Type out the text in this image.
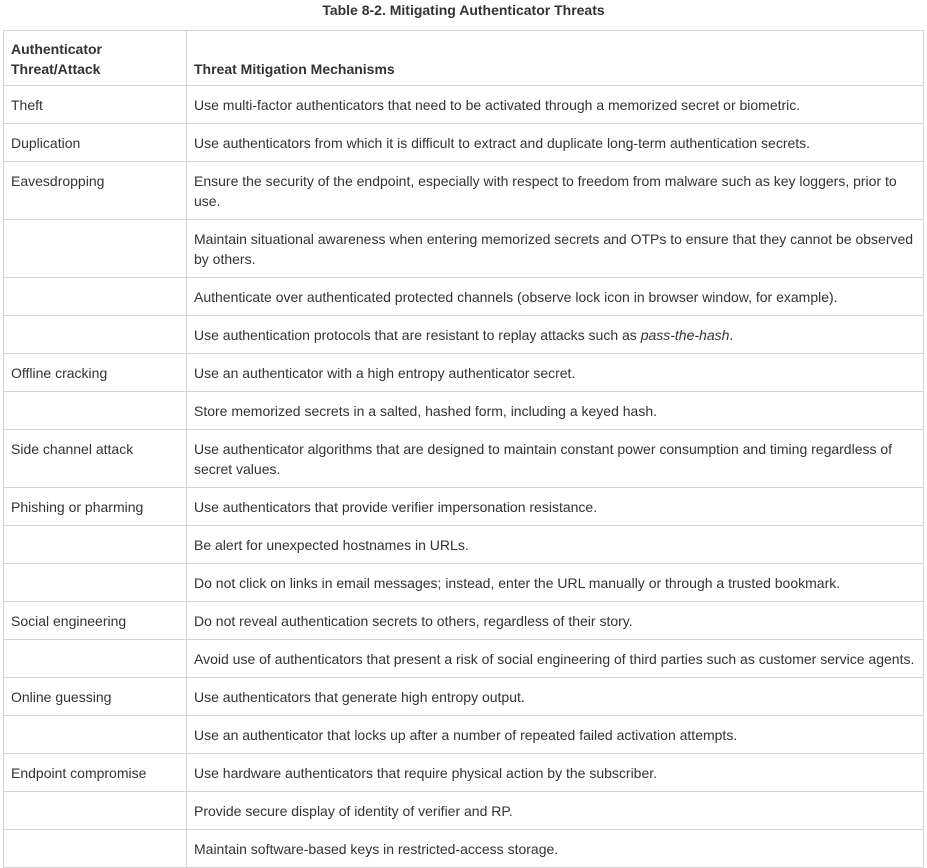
Table 8-2. Mitigating Authenticator Threats
Authenticator Threat/Attack	Threat Mitigation Mechanisms
Theft	Use multi-factor authenticators that need to be activated through a memorized secret or biometric.
Duplication	Use authenticators from which it is difficult to extract and duplicate long-term authentication secrets.
Eavesdropping	Ensure the security of the endpoint, especially with respect to freedom from malware such as key loggers, prior to use.
	Maintain situational awareness when entering memorized secrets and OTPs to ensure that they cannot be observed by others.
	Authenticate over authenticated protected channels (observe lock icon in browser window, for example).
	Use authentication protocols that are resistant to replay attacks such as pass-the-hash.
Offline cracking	Use an authenticator with a high entropy authenticator secret.
	Store memorized secrets in a salted, hashed form, including a keyed hash.
Side channel attack	Use authenticator algorithms that are designed to maintain constant power consumption and timing regardless of secret values.
Phishing or pharming	Use authenticators that provide verifier impersonation resistance.
	Be alert for unexpected hostnames in URLs.
	Do not click on links in email messages; instead, enter the URL manually or through a trusted bookmark.
Social engineering	Do not reveal authentication secrets to others, regardless of their story.
	Avoid use of authenticators that present a risk of social engineering of third parties such as customer service agents.
Online guessing	Use authenticators that generate high entropy output.
	Use an authenticator that locks up after a number of repeated failed activation attempts.
Endpoint compromise	Use hardware authenticators that require physical action by the subscriber.
	Provide secure display of identity of verifier and RP.
	Maintain software-based keys in restricted-access storage.
